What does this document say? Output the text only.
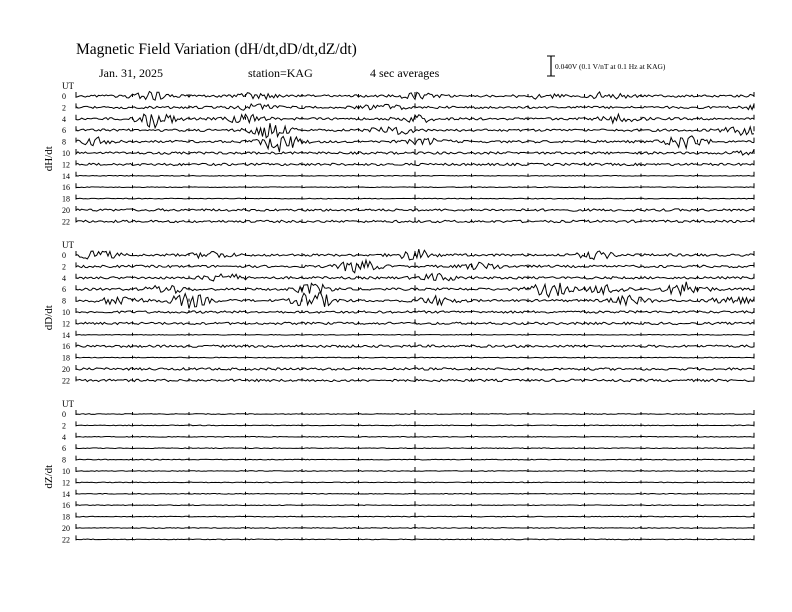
Magnetic Field Variation (dH/dt,dD/dt,dZ/dt)
Jan. 31, 2025	station=KAG	4 sec averages	0.040V (0.1 V/nT at 0.1 Hz at KAG)
UT
dH/dt
0
2
4
6
8
10
12
14
16
18
20
22
UT
dD/dt
0
2
4
6
8
10
12
14
16
18
20
22
UT
dZ/dt
0
2
4
6
8
10
12
14
16
18
20
22
